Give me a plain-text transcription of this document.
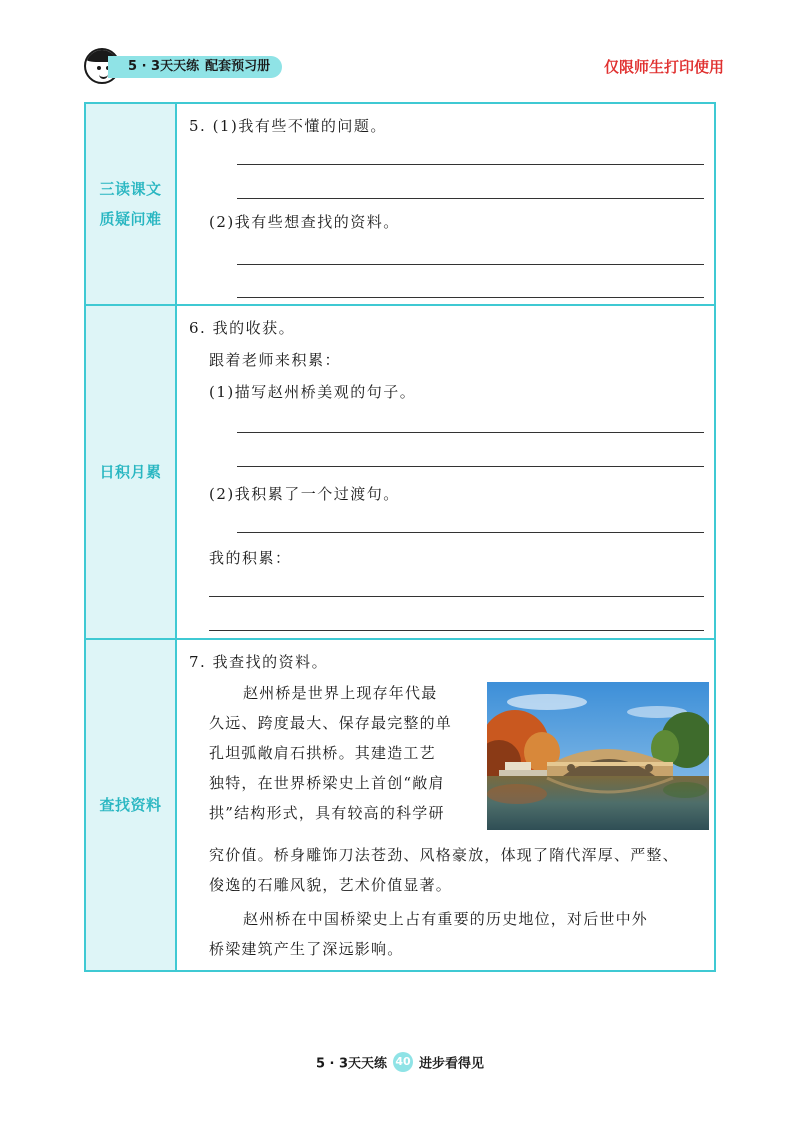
5 · 3天天练 配套预习册	仅限师生打印使用
三读课文
质疑问难
5. (1)我有些不懂的问题。
(2)我有些想查找的资料。
日积月累
6. 我的收获。
跟着老师来积累：
(1)描写赵州桥美观的句子。
(2)我积累了一个过渡句。
我的积累：
查找资料
7. 我查找的资料。
赵州桥是世界上现存年代最
久远、跨度最大、保存最完整的单
孔坦弧敞肩石拱桥。其建造工艺
独特，在世界桥梁史上首创“敞肩
拱”结构形式，具有较高的科学研
究价值。桥身雕饰刀法苍劲、风格豪放，体现了隋代浑厚、严整、
俊逸的石雕风貌，艺术价值显著。
赵州桥在中国桥梁史上占有重要的历史地位，对后世中外
桥梁建筑产生了深远影响。
5 · 3天天练 40 进步看得见
